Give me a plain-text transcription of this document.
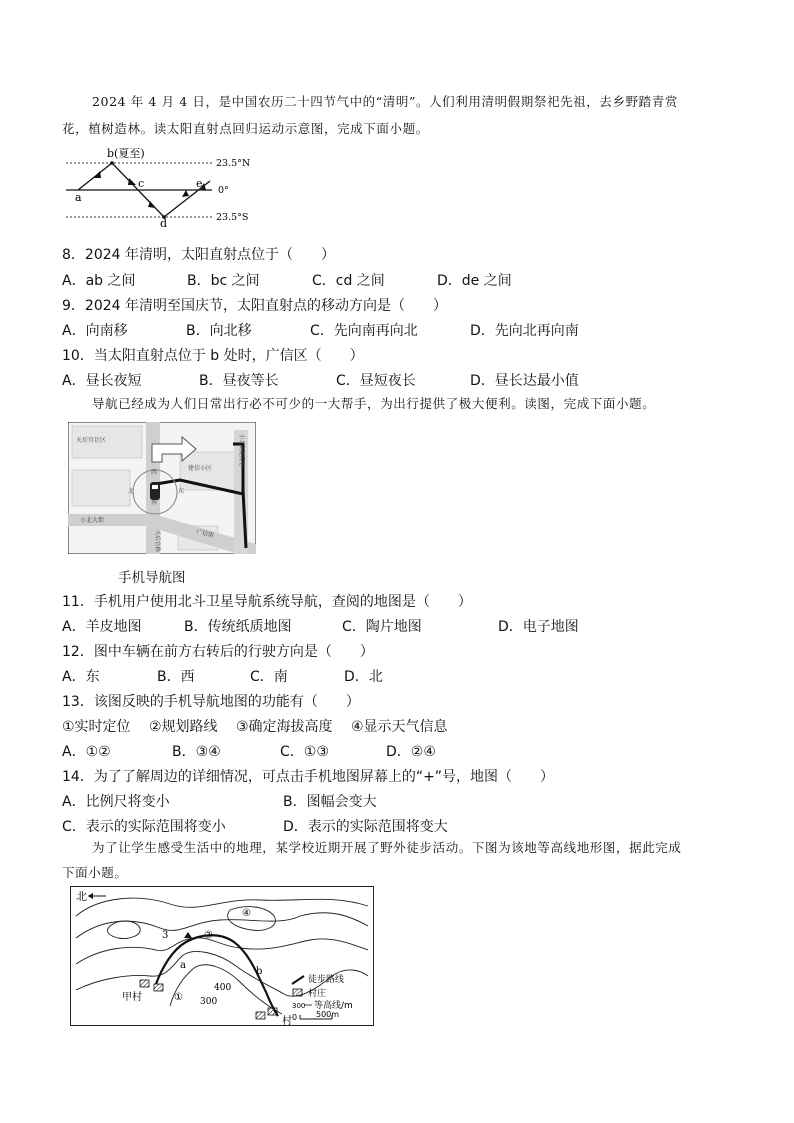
2024 年 4 月 4 日，是中国农历二十四节气中的“清明”。人们利用清明假期祭祀先祖，去乡野踏青赏
花，植树造林。读太阳直射点回归运动示意图，完成下面小题。
b(夏至)
a
c
d
e
23.5°N
0°
23.5°S
8．2024 年清明，太阳直射点位于（　　）
A．ab 之间	B．bc 之间	C．cd 之间	D．de 之间
9．2024 年清明至国庆节，太阳直射点的移动方向是（　　）
A．向南移	B．向北移	C．先向南再向北	D．先向北再向南
10．当太阳直射点位于 b 处时，广信区（　　）
A．昼长夜短	B．昼夜等长	C．昼短夜长	D．昼长达最小值
导航已经成为人们日常出行必不可少的一大帮手，为出行提供了极大便利。读图，完成下面小题。
天后宫社区
建信小区
小北大街
广信街
南
东
北
西
天后宫路
小北街健民巷
手机导航图
11．手机用户使用北斗卫星导航系统导航，查阅的地图是（　　）
A．羊皮地图	B．传统纸质地图	C．陶片地图	D．电子地图
12．图中车辆在前方右转后的行驶方向是（　　）
A．东	B．西	C．南	D．北
13．该图反映的手机导航地图的功能有（　　）
①实时定位　 ②规划路线　 ③确定海拔高度　 ④显示天气信息
A．①②	B．③④	C．①③	D．②④
14．为了了解周边的详细情况，可点击手机地图屏幕上的“+”号，地图（　　）
A．比例尺将变小	B．图幅会变大
C．表示的实际范围将变小	D．表示的实际范围将变大
为了让学生感受生活中的地理，某学校近期开展了野外徒步活动。下图为该地等高线地形图，据此完成
下面小题。
北
甲村
村
①
②
3
④
a
b
300
400
徒步路线
村庄
300 等高线/m
0 500m
